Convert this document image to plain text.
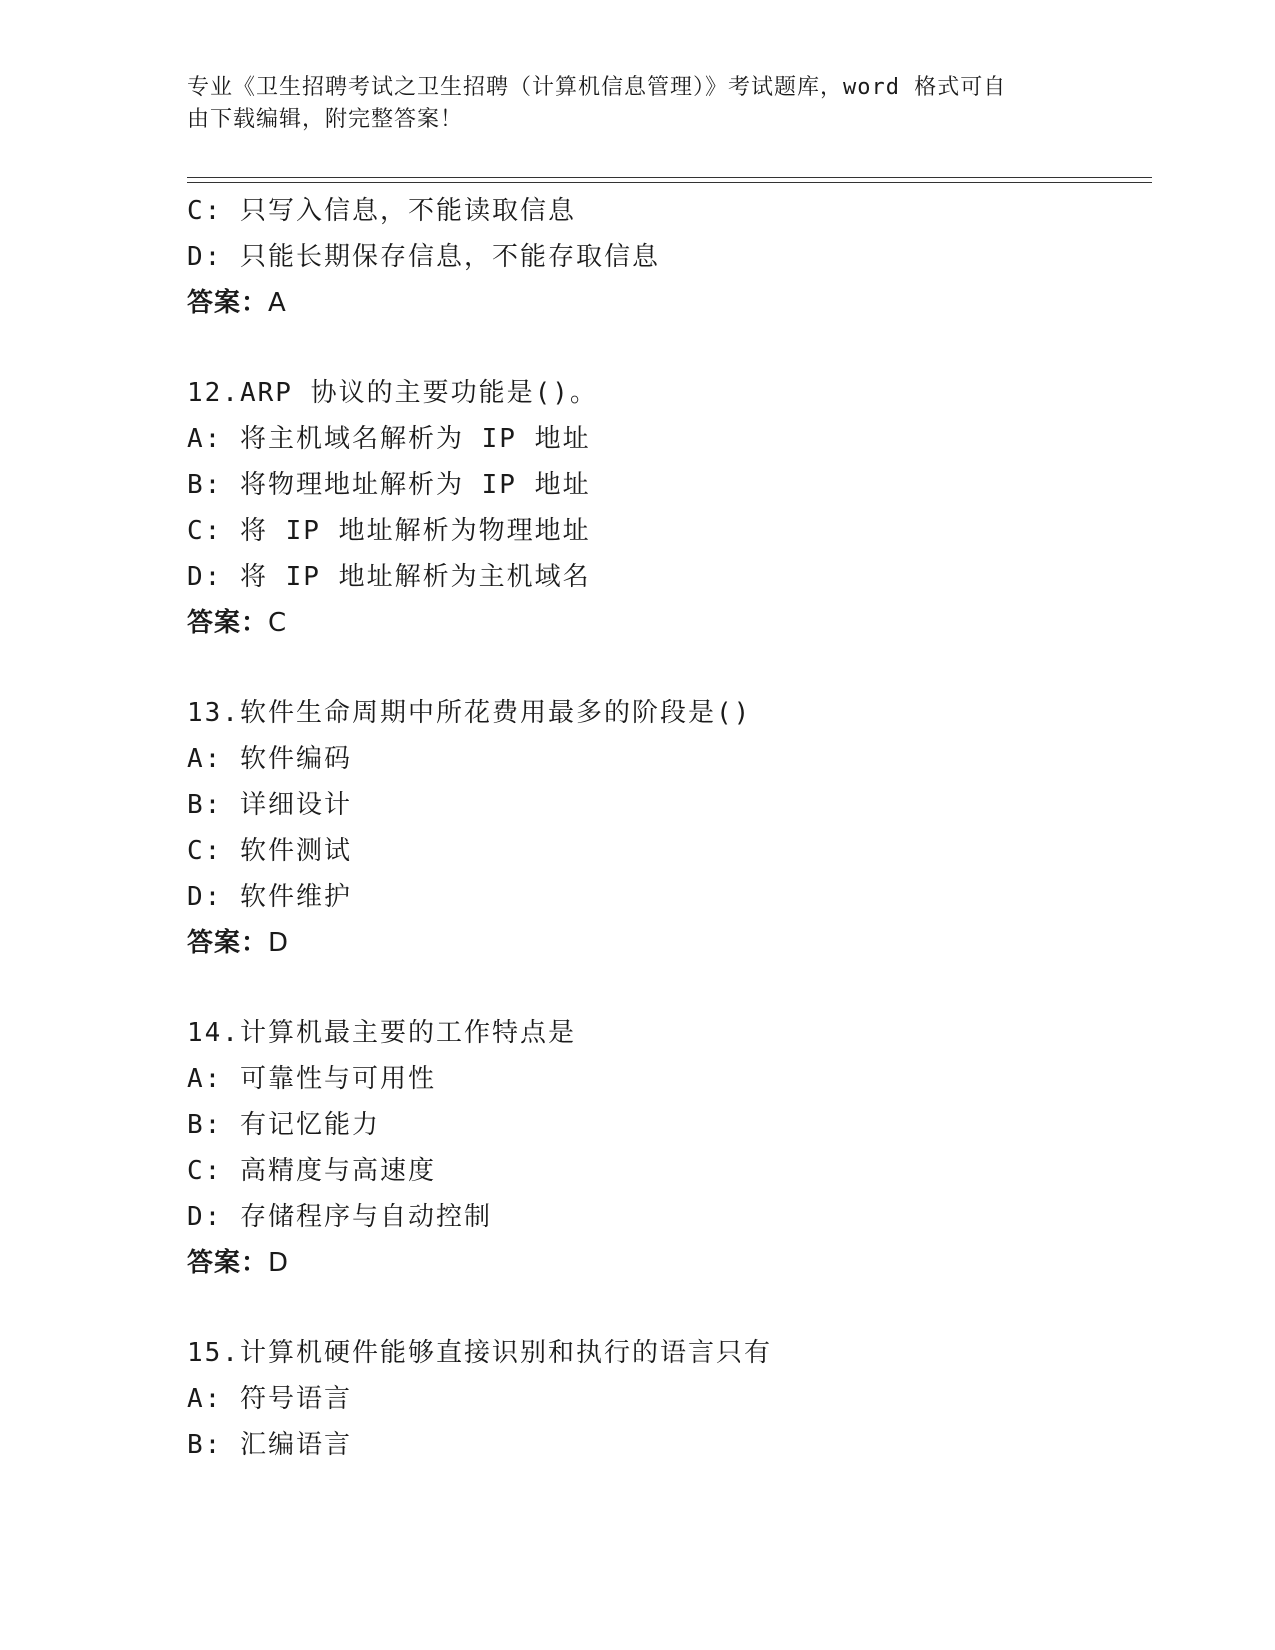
专业《卫生招聘考试之卫生招聘（计算机信息管理）》考试题库，word 格式可自
由下载编辑，附完整答案！
C: 只写入信息，不能读取信息
D: 只能长期保存信息，不能存取信息
答案：A
12.ARP 协议的主要功能是()。
A: 将主机域名解析为 IP 地址
B: 将物理地址解析为 IP 地址
C: 将 IP 地址解析为物理地址
D: 将 IP 地址解析为主机域名
答案：C
13.软件生命周期中所花费用最多的阶段是()
A: 软件编码
B: 详细设计
C: 软件测试
D: 软件维护
答案：D
14.计算机最主要的工作特点是
A: 可靠性与可用性
B: 有记忆能力
C: 高精度与高速度
D: 存储程序与自动控制
答案：D
15.计算机硬件能够直接识别和执行的语言只有
A: 符号语言
B: 汇编语言
